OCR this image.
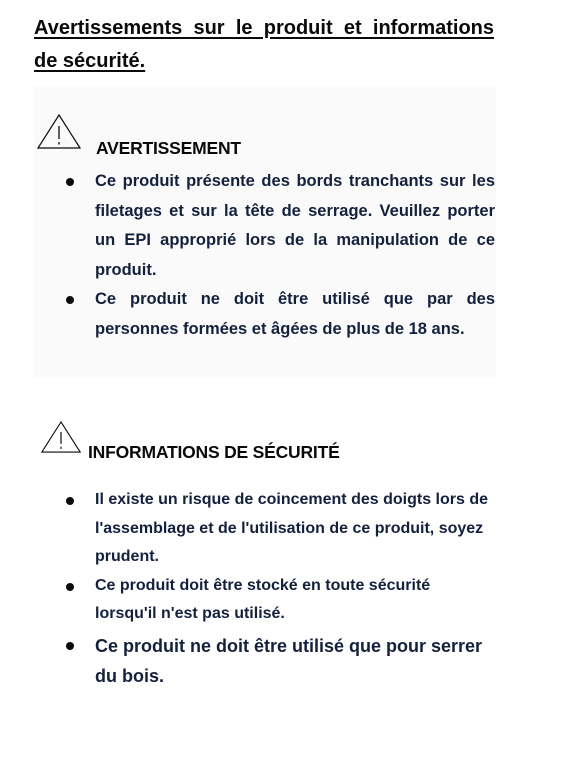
Avertissements sur le produit et informations de sécurité.
AVERTISSEMENT
Ce produit présente des bords tranchants sur les filetages et sur la tête de serrage. Veuillez porter un EPI approprié lors de la manipulation de ce produit.
Ce produit ne doit être utilisé que par des personnes formées et âgées de plus de 18 ans.
INFORMATIONS DE SÉCURITÉ
Il existe un risque de coincement des doigts lors de l'assemblage et de l'utilisation de ce produit, soyez prudent.
Ce produit doit être stocké en toute sécurité lorsqu'il n'est pas utilisé.
Ce produit ne doit être utilisé que pour serrer du bois.
